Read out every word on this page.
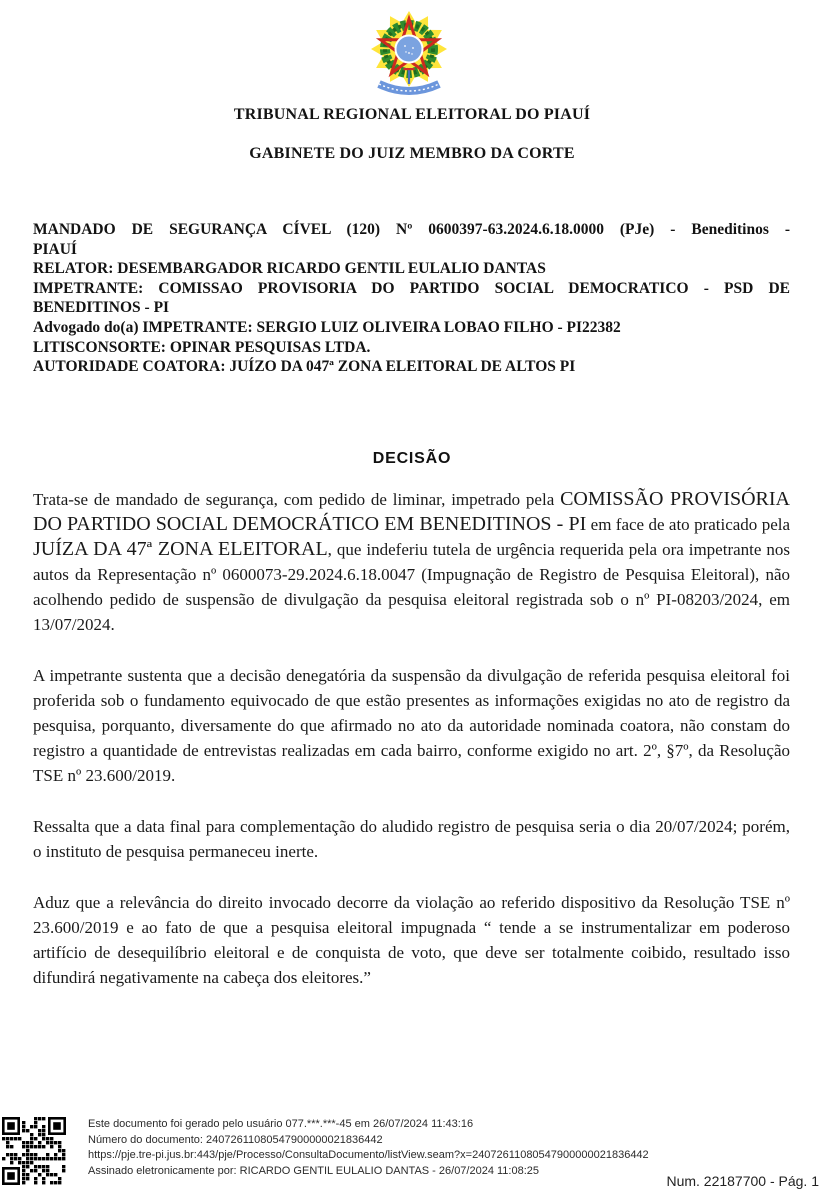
TRIBUNAL REGIONAL ELEITORAL DO PIAUÍ
GABINETE DO JUIZ MEMBRO DA CORTE
MANDADO DE SEGURANÇA CÍVEL (120) Nº 0600397-63.2024.6.18.0000 (PJe) - Beneditinos -
PIAUÍ
RELATOR: DESEMBARGADOR RICARDO GENTIL EULALIO DANTAS
IMPETRANTE: COMISSAO PROVISORIA DO PARTIDO SOCIAL DEMOCRATICO - PSD DE
BENEDITINOS - PI
Advogado do(a) IMPETRANTE: SERGIO LUIZ OLIVEIRA LOBAO FILHO - PI22382
LITISCONSORTE: OPINAR PESQUISAS LTDA.
AUTORIDADE COATORA: JUÍZO DA 047ª ZONA ELEITORAL DE ALTOS PI
DECISÃO

Trata-se de mandado de segurança, com pedido de liminar, impetrado pela COMISSÃO PROVISÓRIA DO PARTIDO SOCIAL DEMOCRÁTICO EM BENEDITINOS - PI em face de ato praticado pela JUÍZA DA 47ª ZONA ELEITORAL, que indeferiu tutela de urgência requerida pela ora impetrante nos autos da Representação nº 0600073-29.2024.6.18.0047 (Impugnação de Registro de Pesquisa Eleitoral), não acolhendo pedido de suspensão de divulgação da pesquisa eleitoral registrada sob o nº PI-08203/2024, em 13/07/2024.

A impetrante sustenta que a decisão denegatória da suspensão da divulgação de referida pesquisa eleitoral foi proferida sob o fundamento equivocado de que estão presentes as informações exigidas no ato de registro da pesquisa, porquanto, diversamente do que afirmado no ato da autoridade nominada coatora, não constam do registro a quantidade de entrevistas realizadas em cada bairro, conforme exigido no art. 2º, §7º, da Resolução TSE nº 23.600/2019.

Ressalta que a data final para complementação do aludido registro de pesquisa seria o dia 20/07/2024; porém, o instituto de pesquisa permaneceu inerte.

Aduz que a relevância do direito invocado decorre da violação ao referido dispositivo da Resolução TSE nº 23.600/2019 e ao fato de que a pesquisa eleitoral impugnada “ tende a se instrumentalizar em poderoso artifício de desequilíbrio eleitoral e de conquista de voto, que deve ser totalmente coibido, resultado isso difundirá negativamente na cabeça dos eleitores.”

Este documento foi gerado pelo usuário 077.***.***-45 em 26/07/2024 11:43:16
Número do documento: 24072611080547900000021836442
https://pje.tre-pi.jus.br:443/pje/Processo/ConsultaDocumento/listView.seam?x=24072611080547900000021836442
Assinado eletronicamente por: RICARDO GENTIL EULALIO DANTAS - 26/07/2024 11:08:25
Num. 22187700 - Pág. 1
